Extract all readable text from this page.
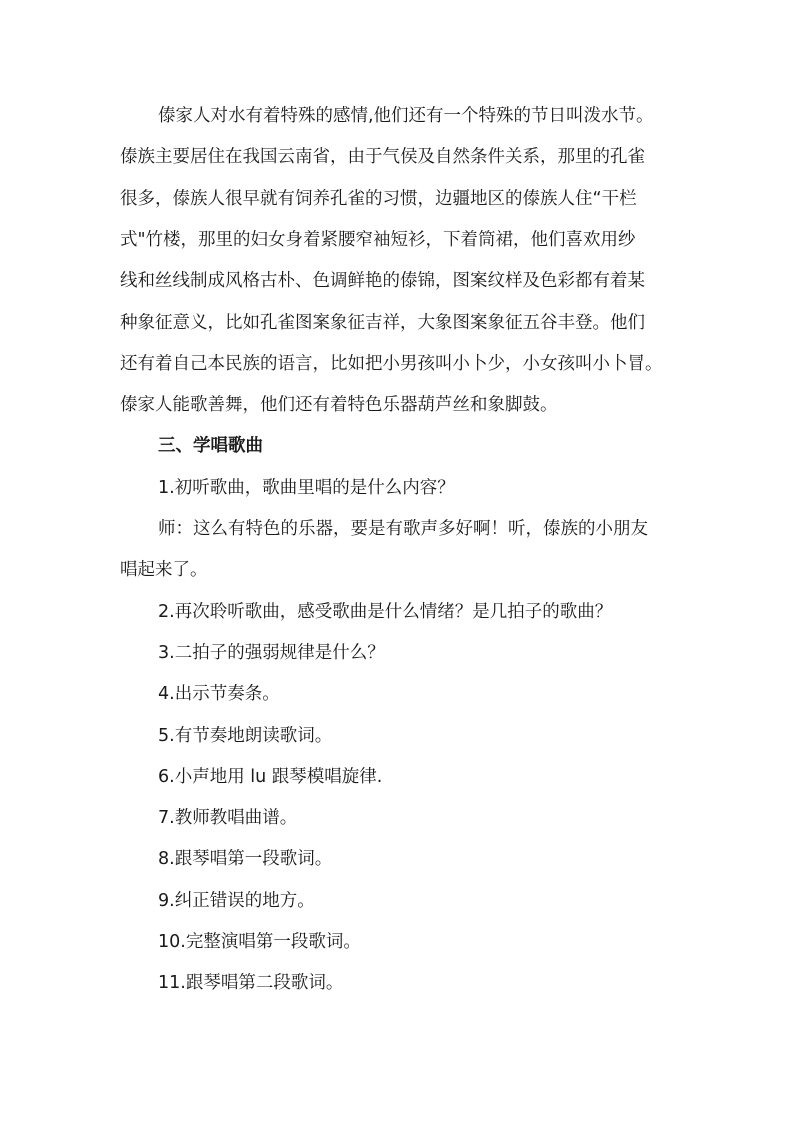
傣家人对水有着特殊的感情,他们还有一个特殊的节日叫泼水节。
傣族主要居住在我国云南省，由于气侯及自然条件关系，那里的孔雀
很多，傣族人很早就有饲养孔雀的习惯，边疆地区的傣族人住“干栏
式"竹楼，那里的妇女身着紧腰窄袖短衫，下着筒裙，他们喜欢用纱
线和丝线制成风格古朴、色调鲜艳的傣锦，图案纹样及色彩都有着某
种象征意义，比如孔雀图案象征吉祥，大象图案象征五谷丰登。他们
还有着自己本民族的语言，比如把小男孩叫小卜少，小女孩叫小卜冒。
傣家人能歌善舞，他们还有着特色乐器葫芦丝和象脚鼓。
三、学唱歌曲
1.初听歌曲，歌曲里唱的是什么内容？
师：这么有特色的乐器，要是有歌声多好啊！听，傣族的小朋友
唱起来了。
2.再次聆听歌曲，感受歌曲是什么情绪？是几拍子的歌曲？
3.二拍子的强弱规律是什么？
4.出示节奏条。
5.有节奏地朗读歌词。
6.小声地用 lu 跟琴模唱旋律.
7.教师教唱曲谱。
8.跟琴唱第一段歌词。
9.纠正错误的地方。
10.完整演唱第一段歌词。
11.跟琴唱第二段歌词。
